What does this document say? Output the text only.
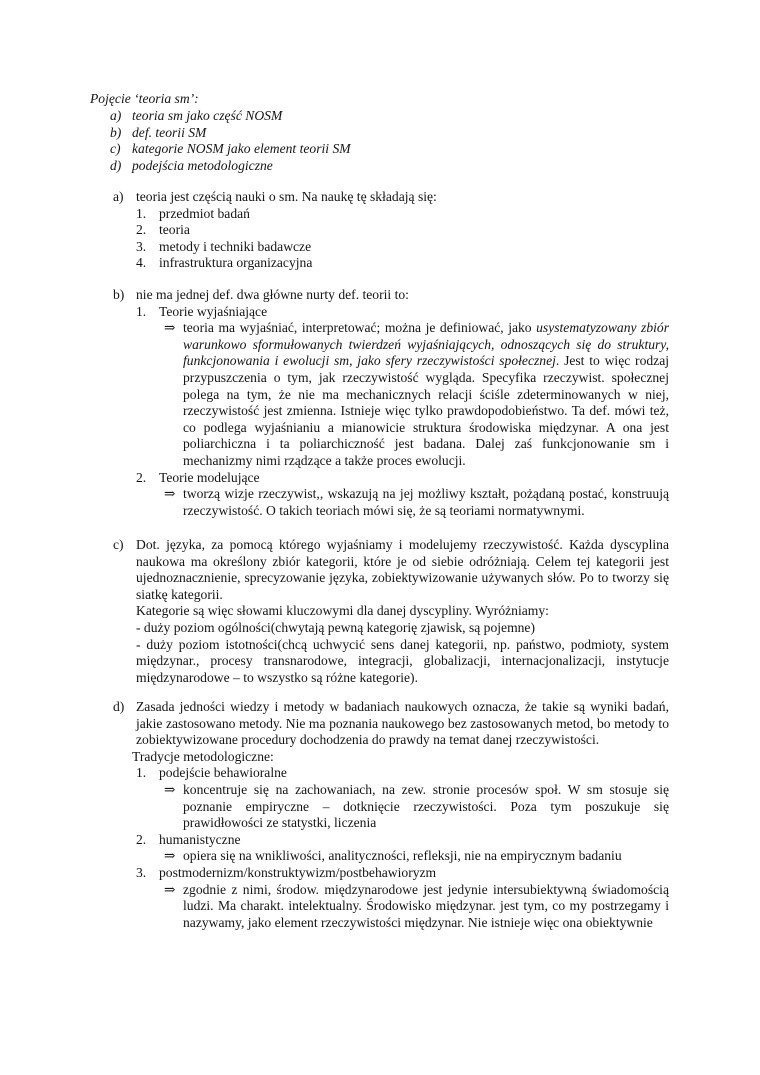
Pojęcie ‘teoria sm’:
a) teoria sm jako część NOSM
b) def. teorii SM
c) kategorie NOSM jako element teorii SM
d) podejścia metodologiczne
a) teoria jest częścią nauki o sm. Na naukę tę składają się:
1. przedmiot badań
2. teoria
3. metody i techniki badawcze
4. infrastruktura organizacyjna
b) nie ma jednej def. dwa główne nurty def. teorii to:
1. Teorie wyjaśniające
⇒ teoria ma wyjaśniać, interpretować; można je definiować, jako usystematyzowany zbiór warunkowo sformułowanych twierdzeń wyjaśniających, odnoszących się do struktury, funkcjonowania i ewolucji sm, jako sfery rzeczywistości społecznej. Jest to więc rodzaj przypuszczenia o tym, jak rzeczywistość wygląda. Specyfika rzeczywist. społecznej polega na tym, że nie ma mechanicznych relacji ściśle zdeterminowanych w niej, rzeczywistość jest zmienna. Istnieje więc tylko prawdopodobieństwo. Ta def. mówi też, co podlega wyjaśnianiu a mianowicie struktura środowiska międzynar. A ona jest poliarchiczna i ta poliarchiczność jest badana. Dalej zaś funkcjonowanie sm i mechanizmy nimi rządzące a także proces ewolucji.
2. Teorie modelujące
⇒ tworzą wizje rzeczywist,, wskazują na jej możliwy kształt, pożądaną postać, konstruują rzeczywistość. O takich teoriach mówi się, że są teoriami normatywnymi.
c) Dot. języka, za pomocą którego wyjaśniamy i modelujemy rzeczywistość. Każda dyscyplina naukowa ma określony zbiór kategorii, które je od siebie odróżniają. Celem tej kategorii jest ujednoznacznienie, sprecyzowanie języka, zobiektywizowanie używanych słów. Po to tworzy się siatkę kategorii.
Kategorie są więc słowami kluczowymi dla danej dyscypliny. Wyróżniamy:
- duży poziom ogólności(chwytają pewną kategorię zjawisk, są pojemne)
- duży poziom istotności(chcą uchwycić sens danej kategorii, np. państwo, podmioty, system międzynar., procesy transnarodowe, integracji, globalizacji, internacjonalizacji, instytucje międzynarodowe – to wszystko są różne kategorie).
d) Zasada jedności wiedzy i metody w badaniach naukowych oznacza, że takie są wyniki badań, jakie zastosowano metody. Nie ma poznania naukowego bez zastosowanych metod, bo metody to zobiektywizowane procedury dochodzenia do prawdy na temat danej rzeczywistości.
Tradycje metodologiczne:
1. podejście behawioralne
⇒ koncentruje się na zachowaniach, na zew. stronie procesów społ. W sm stosuje się poznanie empiryczne – dotknięcie rzeczywistości. Poza tym poszukuje się prawidłowości ze statystki, liczenia
2. humanistyczne
⇒ opiera się na wnikliwości, analityczności, refleksji, nie na empirycznym badaniu
3. postmodernizm/konstruktywizm/postbehawioryzm
⇒ zgodnie z nimi, środow. międzynarodowe jest jedynie intersubiektywną świadomością ludzi. Ma charakt. intelektualny. Środowisko międzynar. jest tym, co my postrzegamy i nazywamy, jako element rzeczywistości międzynar. Nie istnieje więc ona obiektywnie
